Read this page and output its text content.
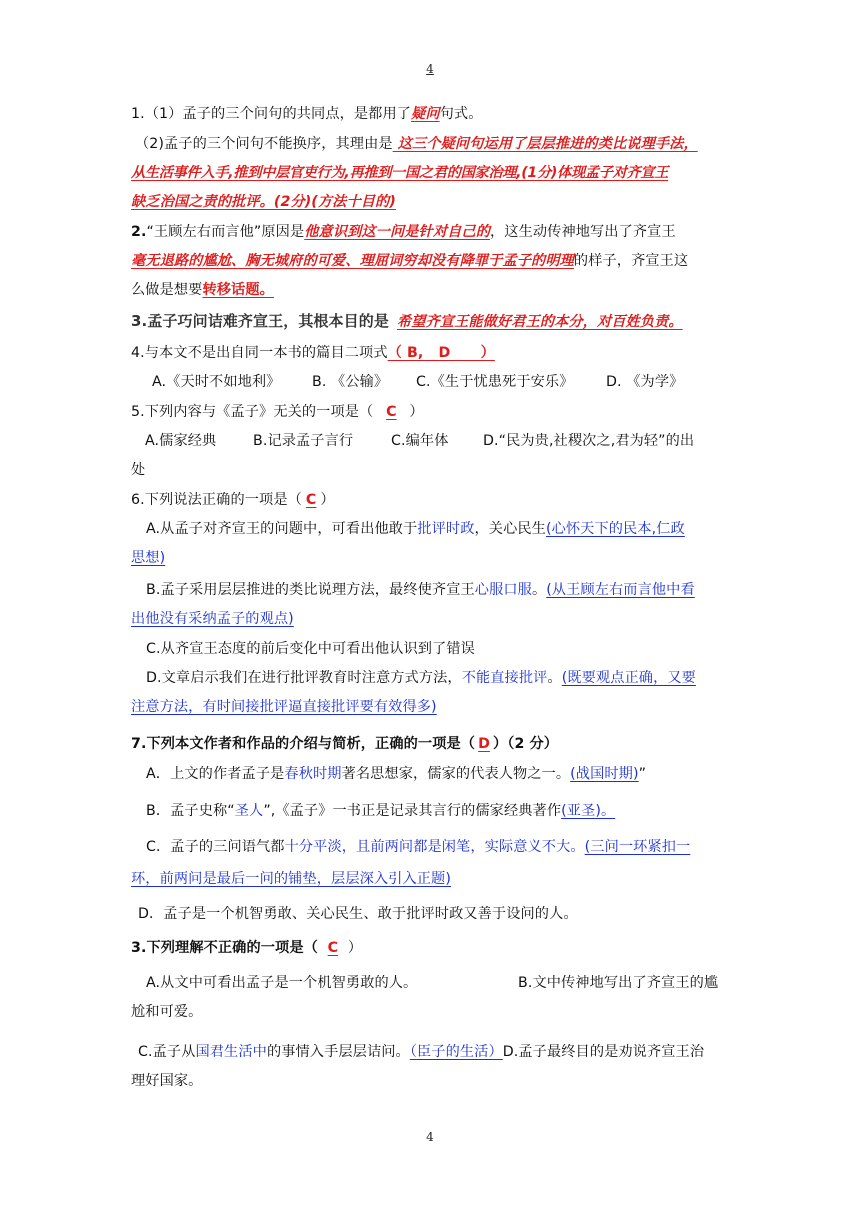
4
1.（1）孟子的三个问句的共同点，是都用了疑问句式。
（2)孟子的三个问句不能换序，其理由是 这三个疑问句运用了层层推进的类比说理手法，
从生活事件入手,推到中层官吏行为,再推到一国之君的国家治理,(1分)体现孟子对齐宣王
缺乏治国之责的批评。(2分)(方法十目的)
2.“王顾左右而言他”原因是他意识到这一问是针对自己的，这生动传神地写出了齐宣王
毫无退路的尴尬、胸无城府的可爱、理屈词穷却没有降罪于孟子的明理的样子，齐宣王这
么做是想要转移话题。
3.孟子巧问诘难齐宣王，其根本目的是 希望齐宣王能做好君王的本分，对百姓负责。
4.与本文不是出自同一本书的篇目二项式（ B,   D      ）
A.《天时不如地利》 B. 《公输》 C.《生于忧患死于安乐》 D. 《为学》
5.下列内容与《孟子》无关的一项是（ C ）
A.儒家经典	B.记录孟子言行	C.编年体 D.“民为贵,社稷次之,君为轻”的出
处
6.下列说法正确的一项是（ C ）
A.从孟子对齐宣王的问题中，可看出他敢于批评时政，关心民生(心怀天下的民本,仁政
思想)
B.孟子采用层层推进的类比说理方法，最终使齐宣王心服口服。(从王顾左右而言他中看
出他没有采纳孟子的观点)
C.从齐宣王态度的前后变化中可看出他认识到了错误
D.文章启示我们在进行批评教育时注意方式方法，不能直接批评。(既要观点正确，又要
注意方法，有时间接批评逼直接批评要有效得多)
7.下列本文作者和作品的介绍与简析，正确的一项是（ D ）（2 分）
A．上文的作者孟子是春秋时期著名思想家，儒家的代表人物之一。(战国时期)”
B．孟子史称“圣人”,《孟子》一书正是记录其言行的儒家经典著作(亚圣)。
C．孟子的三问语气都十分平淡，且前两问都是闲笔，实际意义不大。(三问一环紧扣一
环，前两问是最后一问的铺垫，层层深入引入正题)
D．孟子是一个机智勇敢、关心民生、敢于批评时政又善于设问的人。
3.下列理解不正确的一项是（ C ）
A.从文中可看出孟子是一个机智勇敢的人。	B.文中传神地写出了齐宣王的尴
尬和可爱。
C.孟子从国君生活中的事情入手层层诘问。（臣子的生活）D.孟子最终目的是劝说齐宣王治
理好国家。
4
